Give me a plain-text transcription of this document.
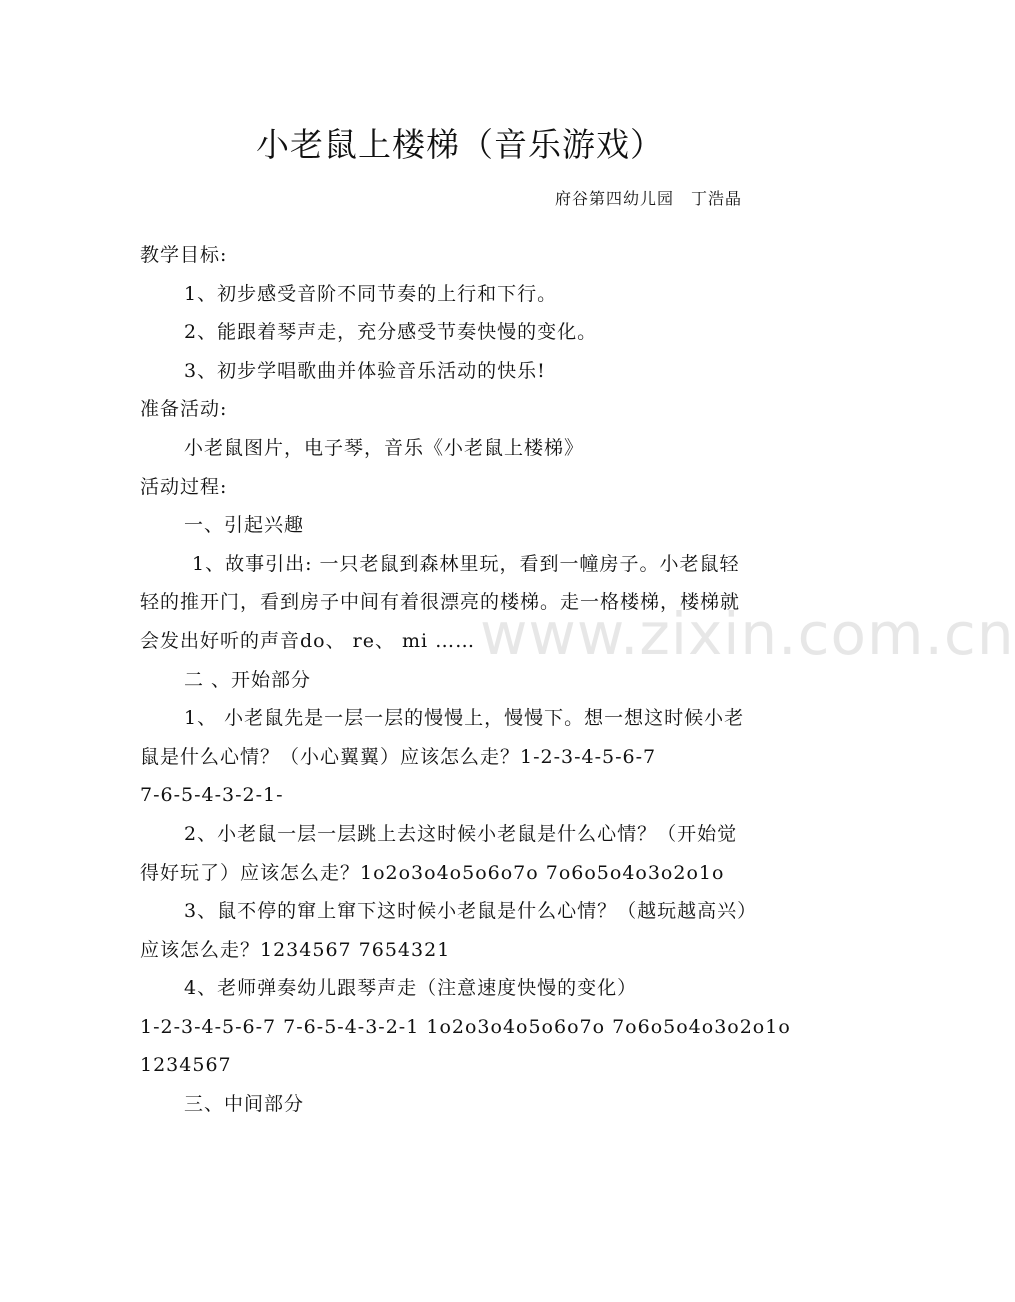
小老鼠上楼梯（音乐游戏）
府谷第四幼儿园　丁浩晶
教学目标:
1、初步感受音阶不同节奏的上行和下行。
2、能跟着琴声走，充分感受节奏快慢的变化。
3、初步学唱歌曲并体验音乐活动的快乐!
准备活动:
小老鼠图片，电子琴，音乐《小老鼠上楼梯》
活动过程:
一、引起兴趣
1、故事引出: 一只老鼠到森林里玩，看到一幢房子。小老鼠轻
轻的推开门，看到房子中间有着很漂亮的楼梯。走一格楼梯，楼梯就
会发出好听的声音do、 re、 mi ……
二 、开始部分
1、 小老鼠先是一层一层的慢慢上，慢慢下。想一想这时候小老
鼠是什么心情？（小心翼翼）应该怎么走？1-2-3-4-5-6-7
7-6-5-4-3-2-1-
2、小老鼠一层一层跳上去这时候小老鼠是什么心情？（开始觉
得好玩了）应该怎么走？1o2o3o4o5o6o7o 7o6o5o4o3o2o1o
3、鼠不停的窜上窜下这时候小老鼠是什么心情？（越玩越高兴）
应该怎么走？1234567 7654321
4、老师弹奏幼儿跟琴声走（注意速度快慢的变化）
1-2-3-4-5-6-7 7-6-5-4-3-2-1 1o2o3o4o5o6o7o 7o6o5o4o3o2o1o
1234567
三、中间部分
www.zixin.com.cn
